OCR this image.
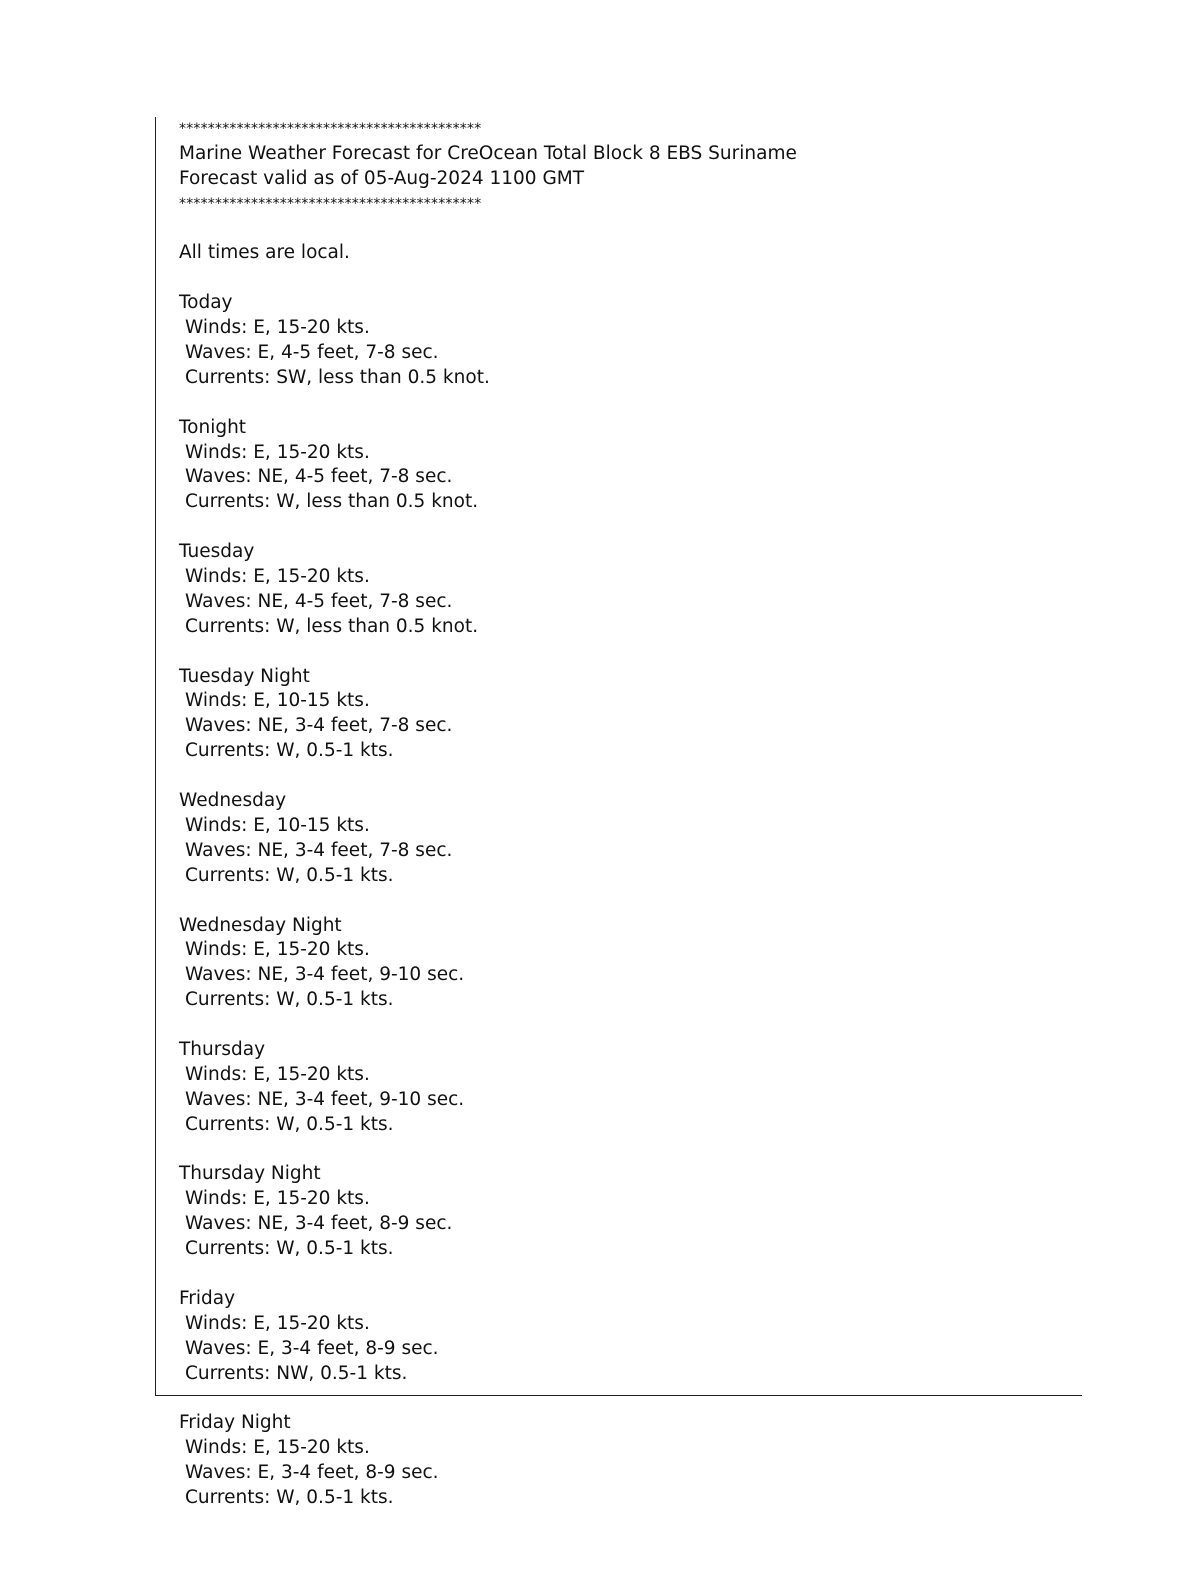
******************************************
Marine Weather Forecast for CreOcean Total Block 8 EBS Suriname
Forecast valid as of 05-Aug-2024 1100 GMT
******************************************
All times are local.
Today
Winds: E, 15-20 kts.
Waves: E, 4-5 feet, 7-8 sec.
Currents: SW, less than 0.5 knot.
Tonight
Winds: E, 15-20 kts.
Waves: NE, 4-5 feet, 7-8 sec.
Currents: W, less than 0.5 knot.
Tuesday
Winds: E, 15-20 kts.
Waves: NE, 4-5 feet, 7-8 sec.
Currents: W, less than 0.5 knot.
Tuesday Night
Winds: E, 10-15 kts.
Waves: NE, 3-4 feet, 7-8 sec.
Currents: W, 0.5-1 kts.
Wednesday
Winds: E, 10-15 kts.
Waves: NE, 3-4 feet, 7-8 sec.
Currents: W, 0.5-1 kts.
Wednesday Night
Winds: E, 15-20 kts.
Waves: NE, 3-4 feet, 9-10 sec.
Currents: W, 0.5-1 kts.
Thursday
Winds: E, 15-20 kts.
Waves: NE, 3-4 feet, 9-10 sec.
Currents: W, 0.5-1 kts.
Thursday Night
Winds: E, 15-20 kts.
Waves: NE, 3-4 feet, 8-9 sec.
Currents: W, 0.5-1 kts.
Friday
Winds: E, 15-20 kts.
Waves: E, 3-4 feet, 8-9 sec.
Currents: NW, 0.5-1 kts.
Friday Night
Winds: E, 15-20 kts.
Waves: E, 3-4 feet, 8-9 sec.
Currents: W, 0.5-1 kts.
